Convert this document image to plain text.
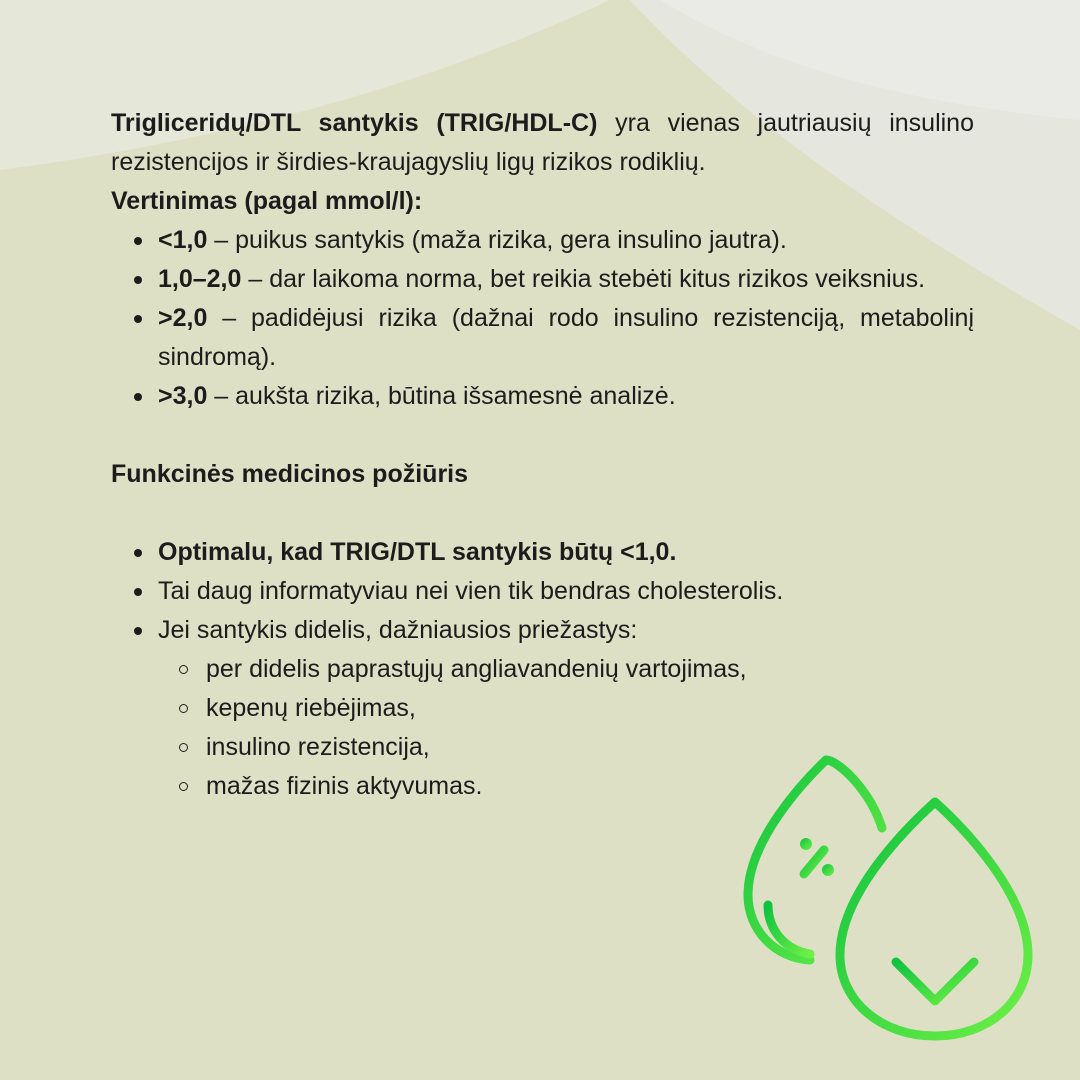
Trigliceridų/DTL santykis (TRIG/HDL-C) yra vienas jautriausių insulino rezistencijos ir širdies-kraujagyslių ligų rizikos rodiklių.

Vertinimas (pagal mmol/l):

<1,0 – puikus santykis (maža rizika, gera insulino jautra).
1,0–2,0 – dar laikoma norma, bet reikia stebėti kitus rizikos veiksnius.
>2,0 – padidėjusi rizika (dažnai rodo insulino rezistenciją, metabolinį sindromą).
>3,0 – aukšta rizika, būtina išsamesnė analizė.

Funkcinės medicinos požiūris

Optimalu, kad TRIG/DTL santykis būtų <1,0.
Tai daug informatyviau nei vien tik bendras cholesterolis.
Jei santykis didelis, dažniausios priežastys:
per didelis paprastųjų angliavandenių vartojimas,
kepenų riebėjimas,
insulino rezistencija,
mažas fizinis aktyvumas.
